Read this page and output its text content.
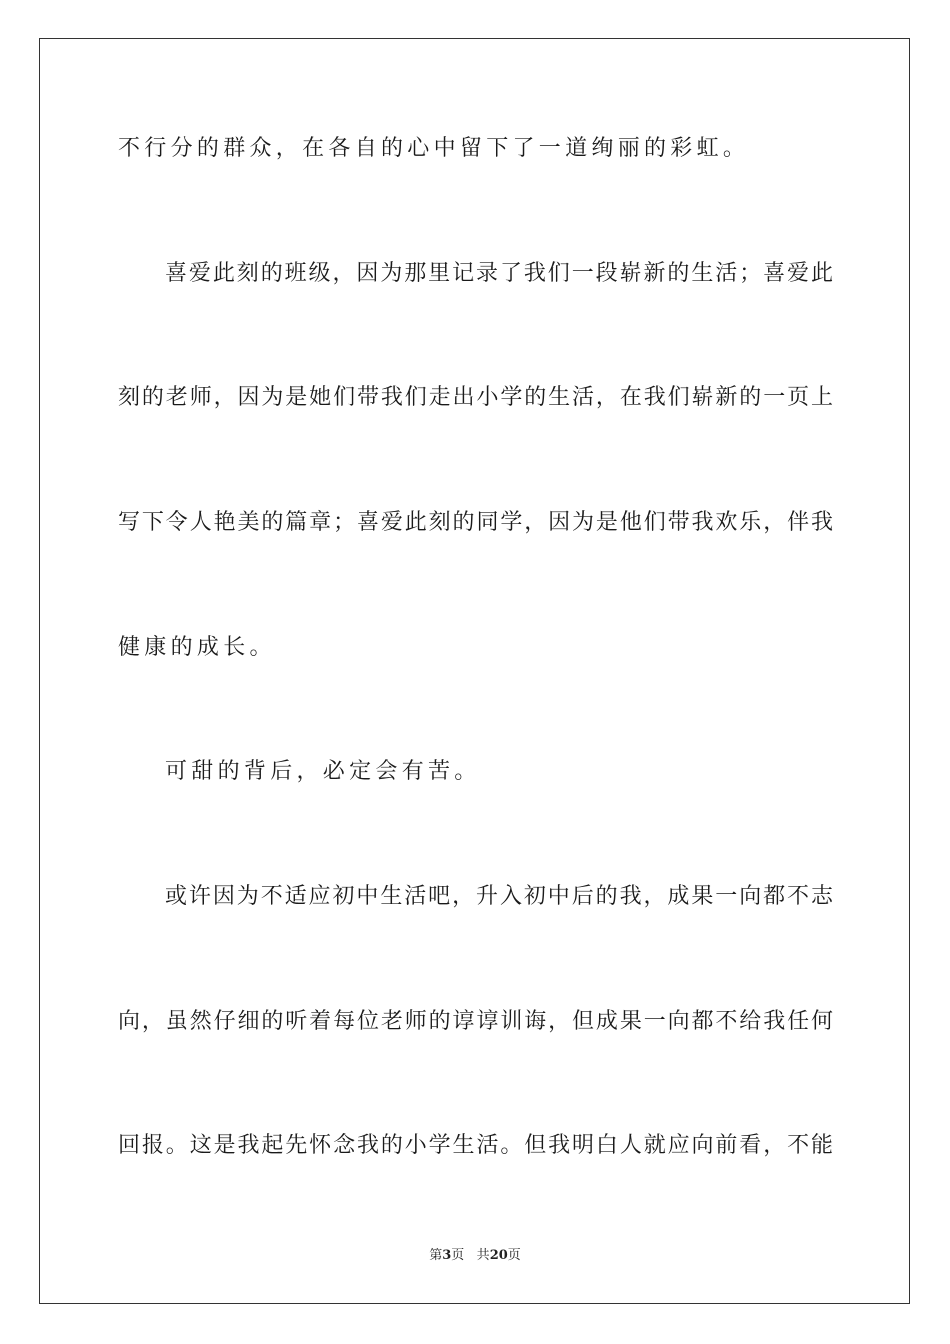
不行分的群众，在各自的心中留下了一道绚丽的彩虹。
喜爱此刻的班级，因为那里记录了我们一段崭新的生活；喜爱此
刻的老师，因为是她们带我们走出小学的生活，在我们崭新的一页上
写下令人艳美的篇章；喜爱此刻的同学，因为是他们带我欢乐，伴我
健康的成长。
可甜的背后，必定会有苦。
或许因为不适应初中生活吧，升入初中后的我，成果一向都不志
向，虽然仔细的听着每位老师的谆谆训诲，但成果一向都不给我任何
回报。这是我起先怀念我的小学生活。但我明白人就应向前看，不能
第3页 共20页
